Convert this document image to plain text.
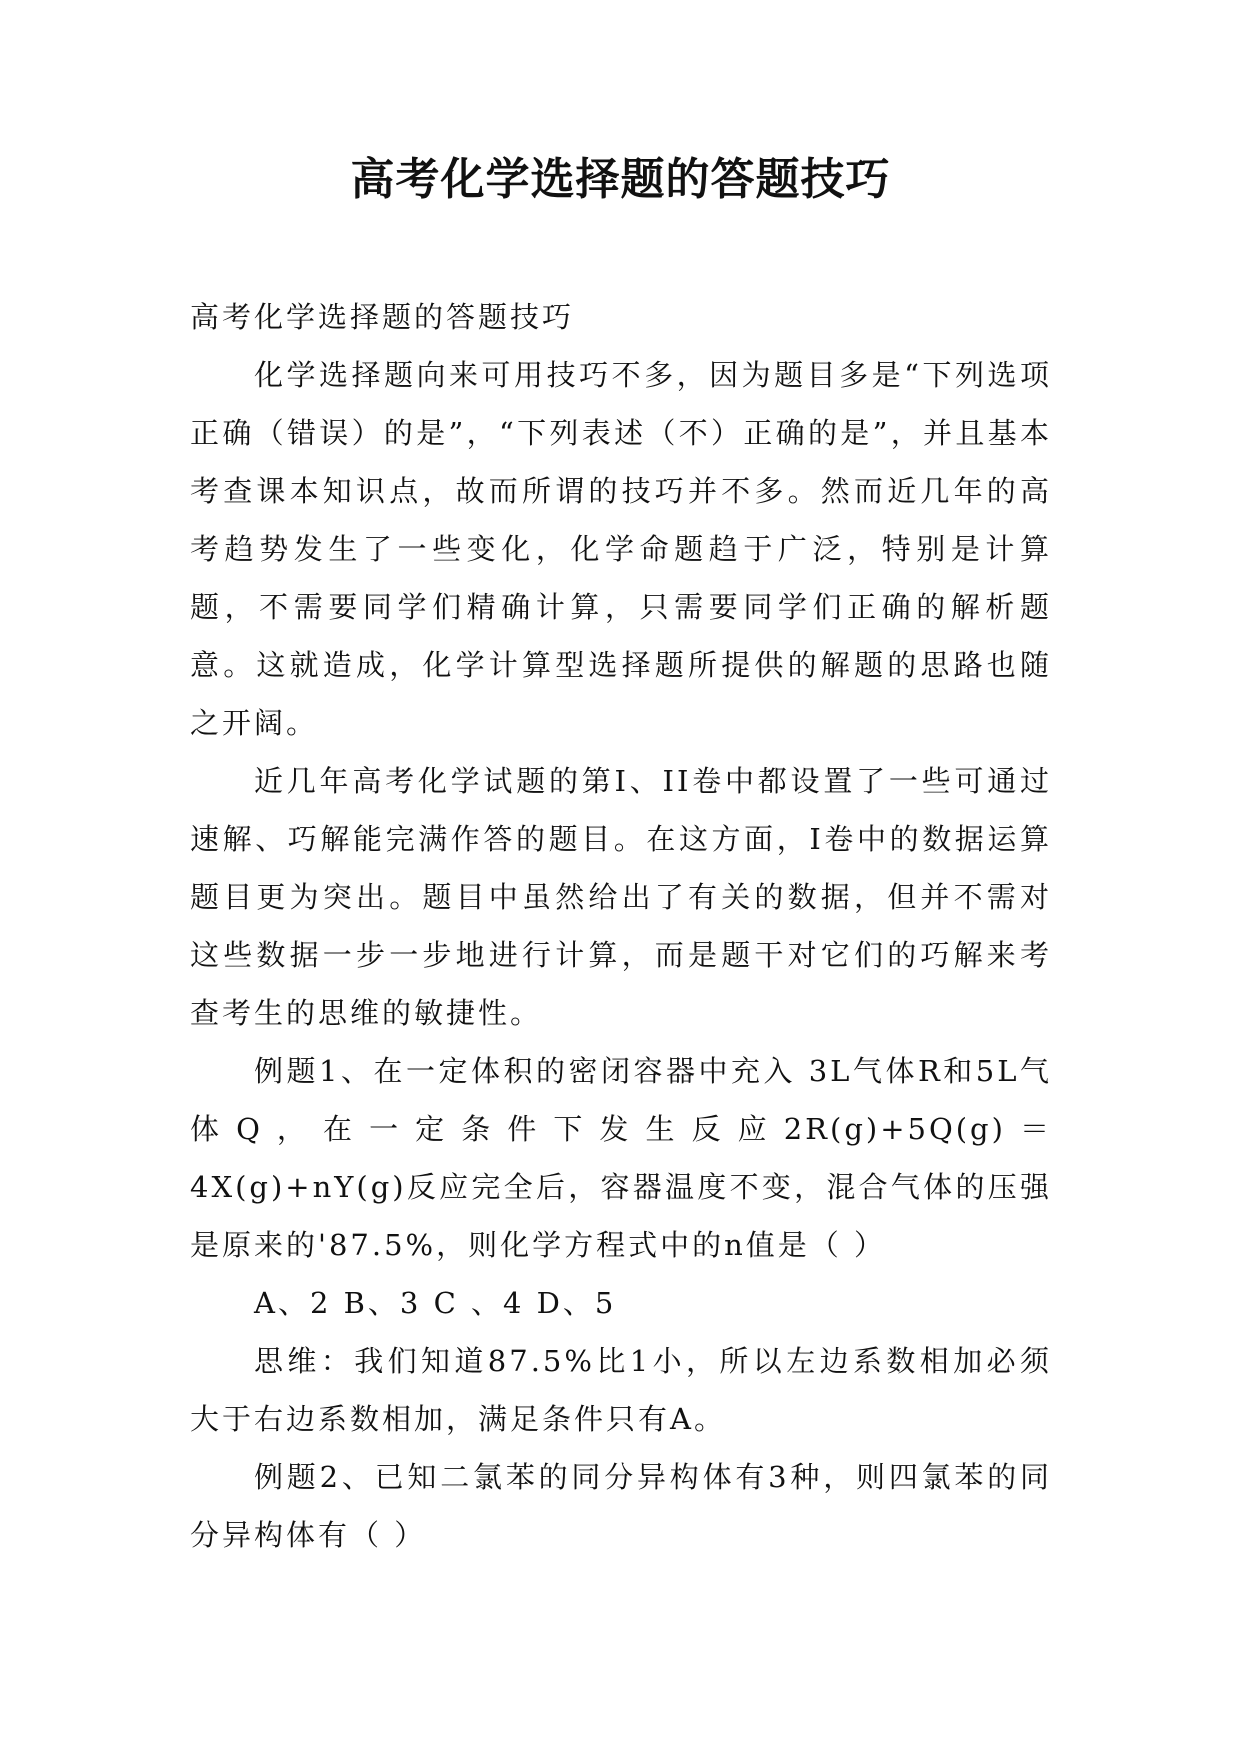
高考化学选择题的答题技巧

高考化学选择题的答题技巧

化学选择题向来可用技巧不多，因为题目多是“下列选项正确（错误）的是”，“下列表述（不）正确的是”，并且基本考查课本知识点，故而所谓的技巧并不多。然而近几年的高考趋势发生了一些变化，化学命题趋于广泛，特别是计算题，不需要同学们精确计算，只需要同学们正确的解析题意。这就造成，化学计算型选择题所提供的解题的思路也随之开阔。

近几年高考化学试题的第I、II卷中都设置了一些可通过速解、巧解能完满作答的题目。在这方面，I卷中的数据运算题目更为突出。题目中虽然给出了有关的数据，但并不需对这些数据一步一步地进行计算，而是题干对它们的巧解来考查考生的思维的敏捷性。

例题1、在一定体积的密闭容器中充入 3L气体R和5L气体Q，在一定条件下发生反应2R(g)+5Q(g)＝4X(g)+nY(g)反应完全后，容器温度不变，混合气体的压强是原来的'87.5%，则化学方程式中的n值是（ ）

A、2 B、3 C 、4 D、5

思维：我们知道87.5%比1小，所以左边系数相加必须大于右边系数相加，满足条件只有A。

例题2、已知二氯苯的同分异构体有3种，则四氯苯的同分异构体有（ ）
